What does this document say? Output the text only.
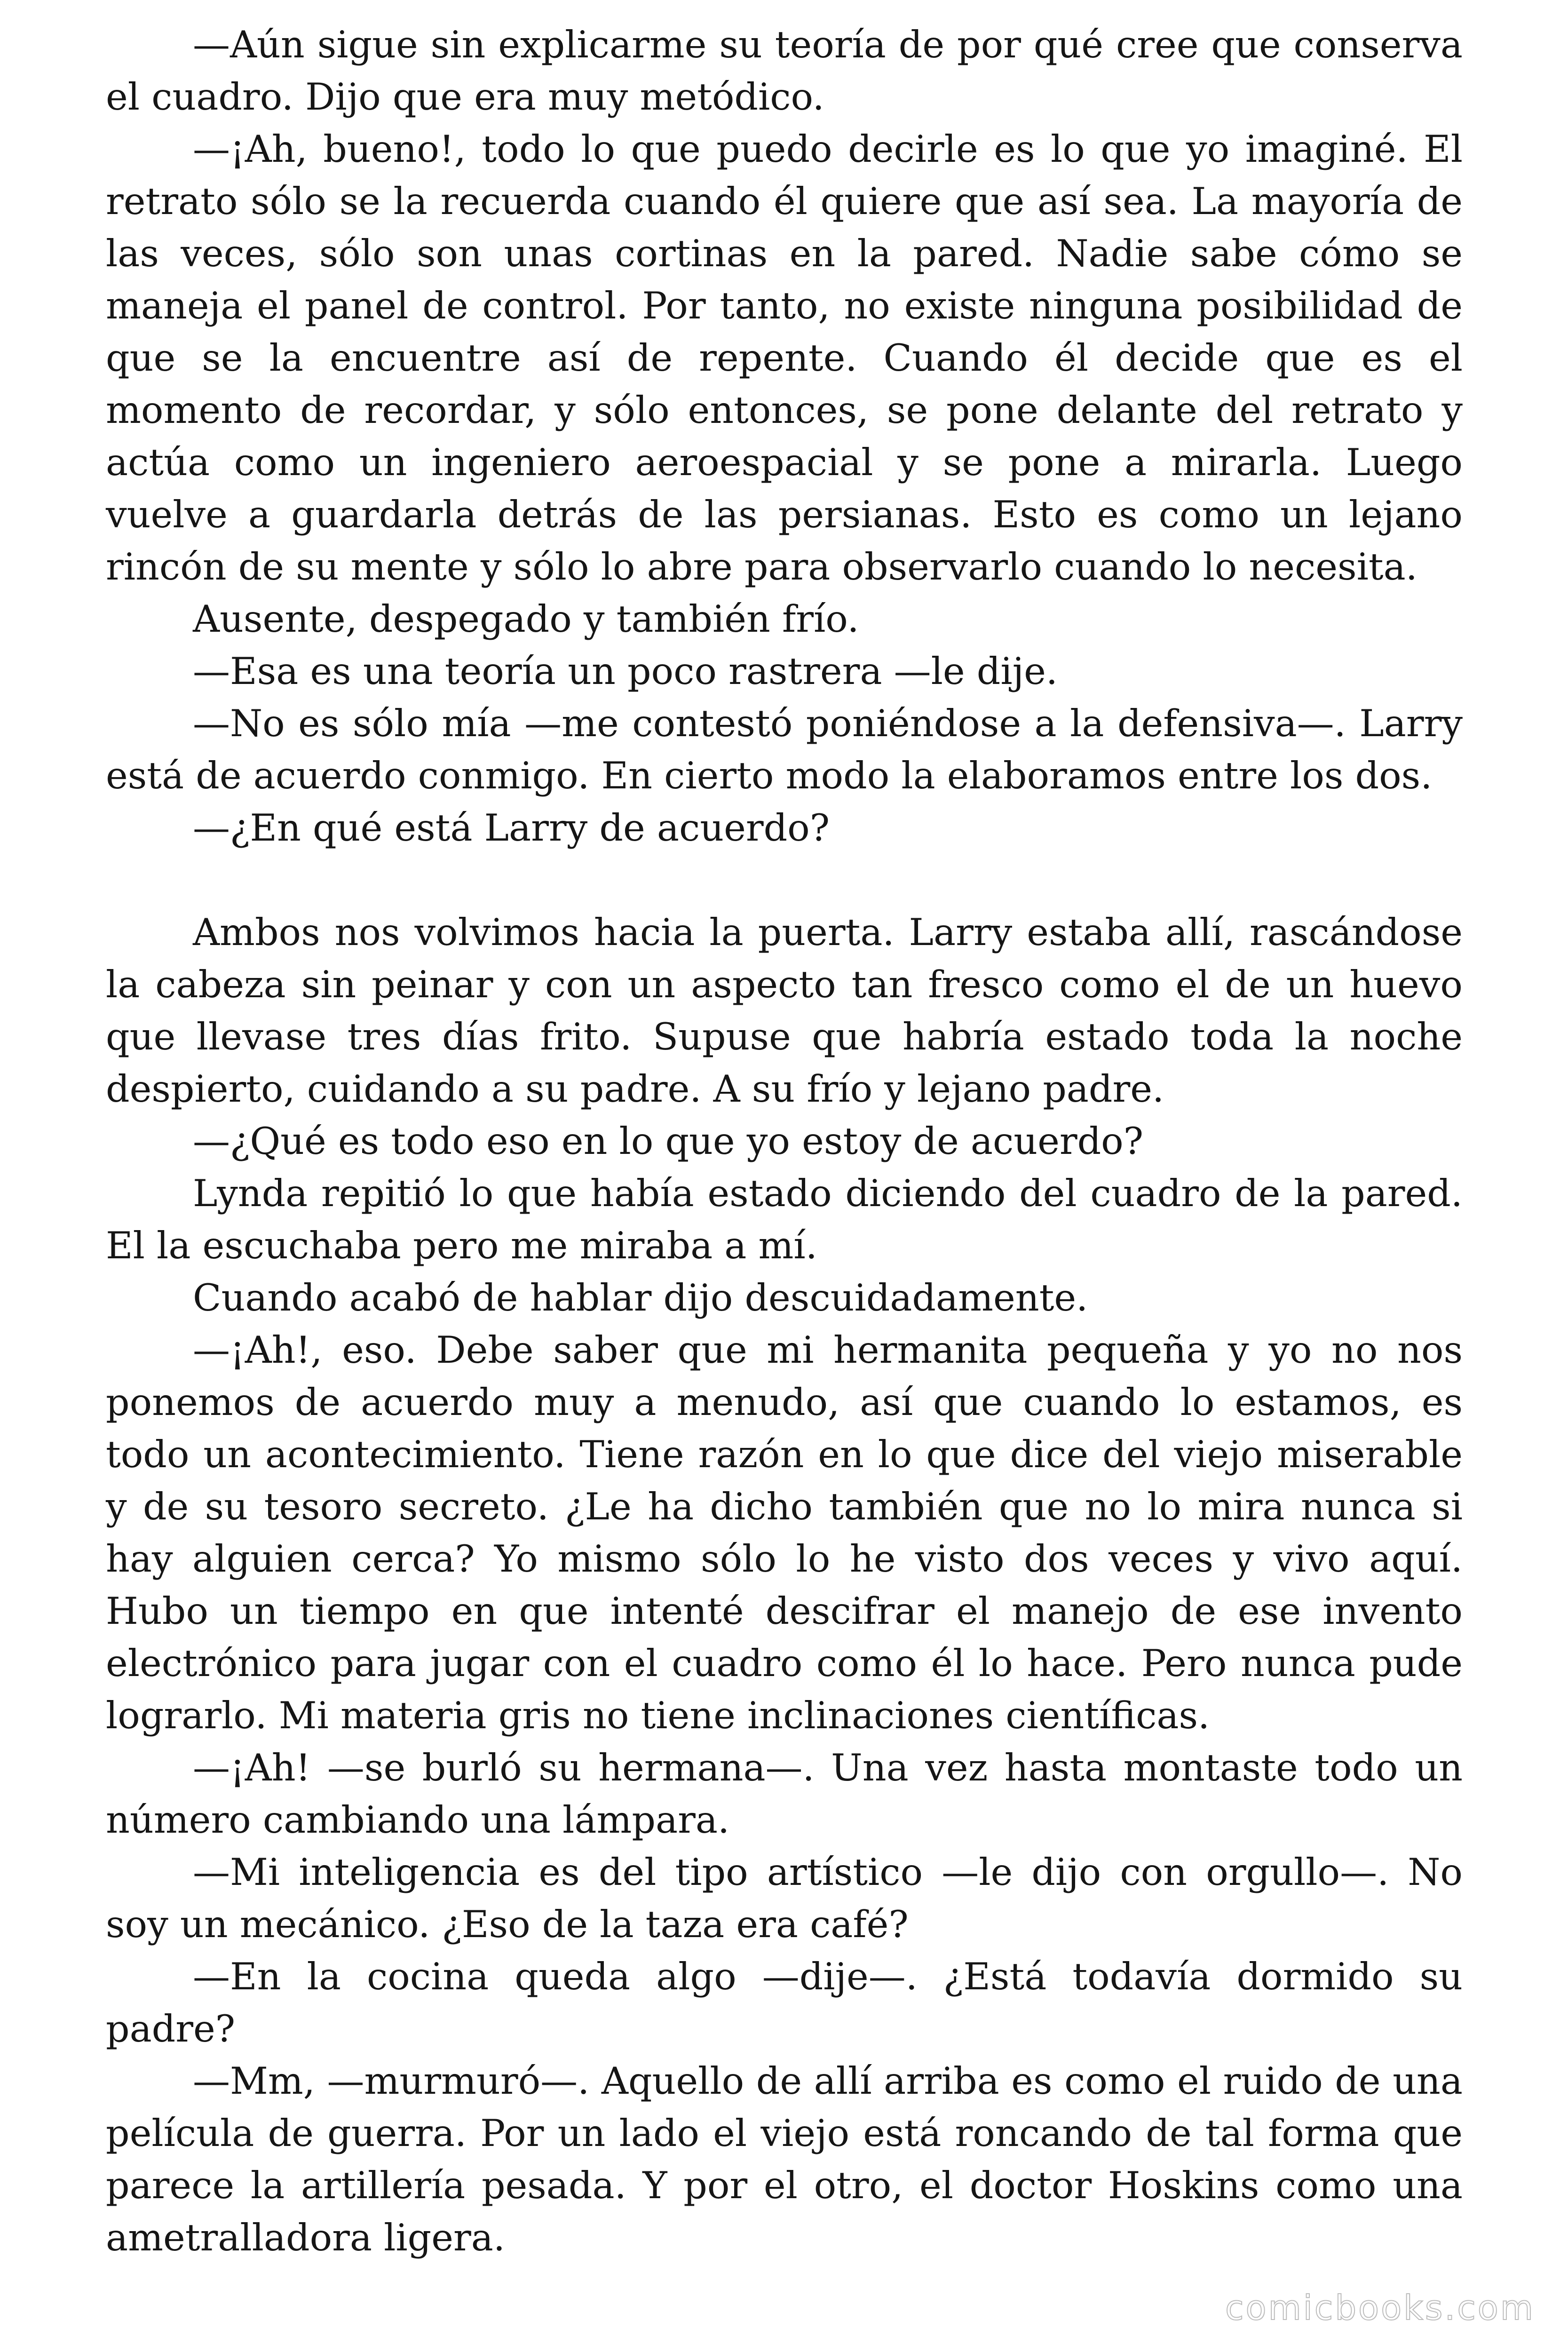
—Aún sigue sin explicarme su teoría de por qué cree que conserva el cuadro. Dijo que era muy metódico.

—¡Ah, bueno!, todo lo que puedo decirle es lo que yo imaginé. El retrato sólo se la recuerda cuando él quiere que así sea. La mayoría de las veces, sólo son unas cortinas en la pared. Nadie sabe cómo se maneja el panel de control. Por tanto, no existe ninguna posibilidad de que se la encuentre así de repente. Cuando él decide que es el momento de recordar, y sólo entonces, se pone delante del retrato y actúa como un ingeniero aeroespacial y se pone a mirarla. Luego vuelve a guardarla detrás de las persianas. Esto es como un lejano rincón de su mente y sólo lo abre para observarlo cuando lo necesita.

Ausente, despegado y también frío.

—Esa es una teoría un poco rastrera —le dije.

—No es sólo mía —me contestó poniéndose a la defensiva—. Larry está de acuerdo conmigo. En cierto modo la elaboramos entre los dos.

—¿En qué está Larry de acuerdo?

Ambos nos volvimos hacia la puerta. Larry estaba allí, rascándose la cabeza sin peinar y con un aspecto tan fresco como el de un huevo que llevase tres días frito. Supuse que habría estado toda la noche despierto, cuidando a su padre. A su frío y lejano padre.

—¿Qué es todo eso en lo que yo estoy de acuerdo?

Lynda repitió lo que había estado diciendo del cuadro de la pared. El la escuchaba pero me miraba a mí.

Cuando acabó de hablar dijo descuidadamente.

—¡Ah!, eso. Debe saber que mi hermanita pequeña y yo no nos ponemos de acuerdo muy a menudo, así que cuando lo estamos, es todo un acontecimiento. Tiene razón en lo que dice del viejo miserable y de su tesoro secreto. ¿Le ha dicho también que no lo mira nunca si hay alguien cerca? Yo mismo sólo lo he visto dos veces y vivo aquí. Hubo un tiempo en que intenté descifrar el manejo de ese invento electrónico para jugar con el cuadro como él lo hace. Pero nunca pude lograrlo. Mi materia gris no tiene inclinaciones científicas.

—¡Ah! —se burló su hermana—. Una vez hasta montaste todo un número cambiando una lámpara.

—Mi inteligencia es del tipo artístico —le dijo con orgullo—. No soy un mecánico. ¿Eso de la taza era café?

—En la cocina queda algo —dije—. ¿Está todavía dormido su padre?

—Mm, —murmuró—. Aquello de allí arriba es como el ruido de una película de guerra. Por un lado el viejo está roncando de tal forma que parece la artillería pesada. Y por el otro, el doctor Hoskins como una ametralladora ligera.

comicbooks.com
